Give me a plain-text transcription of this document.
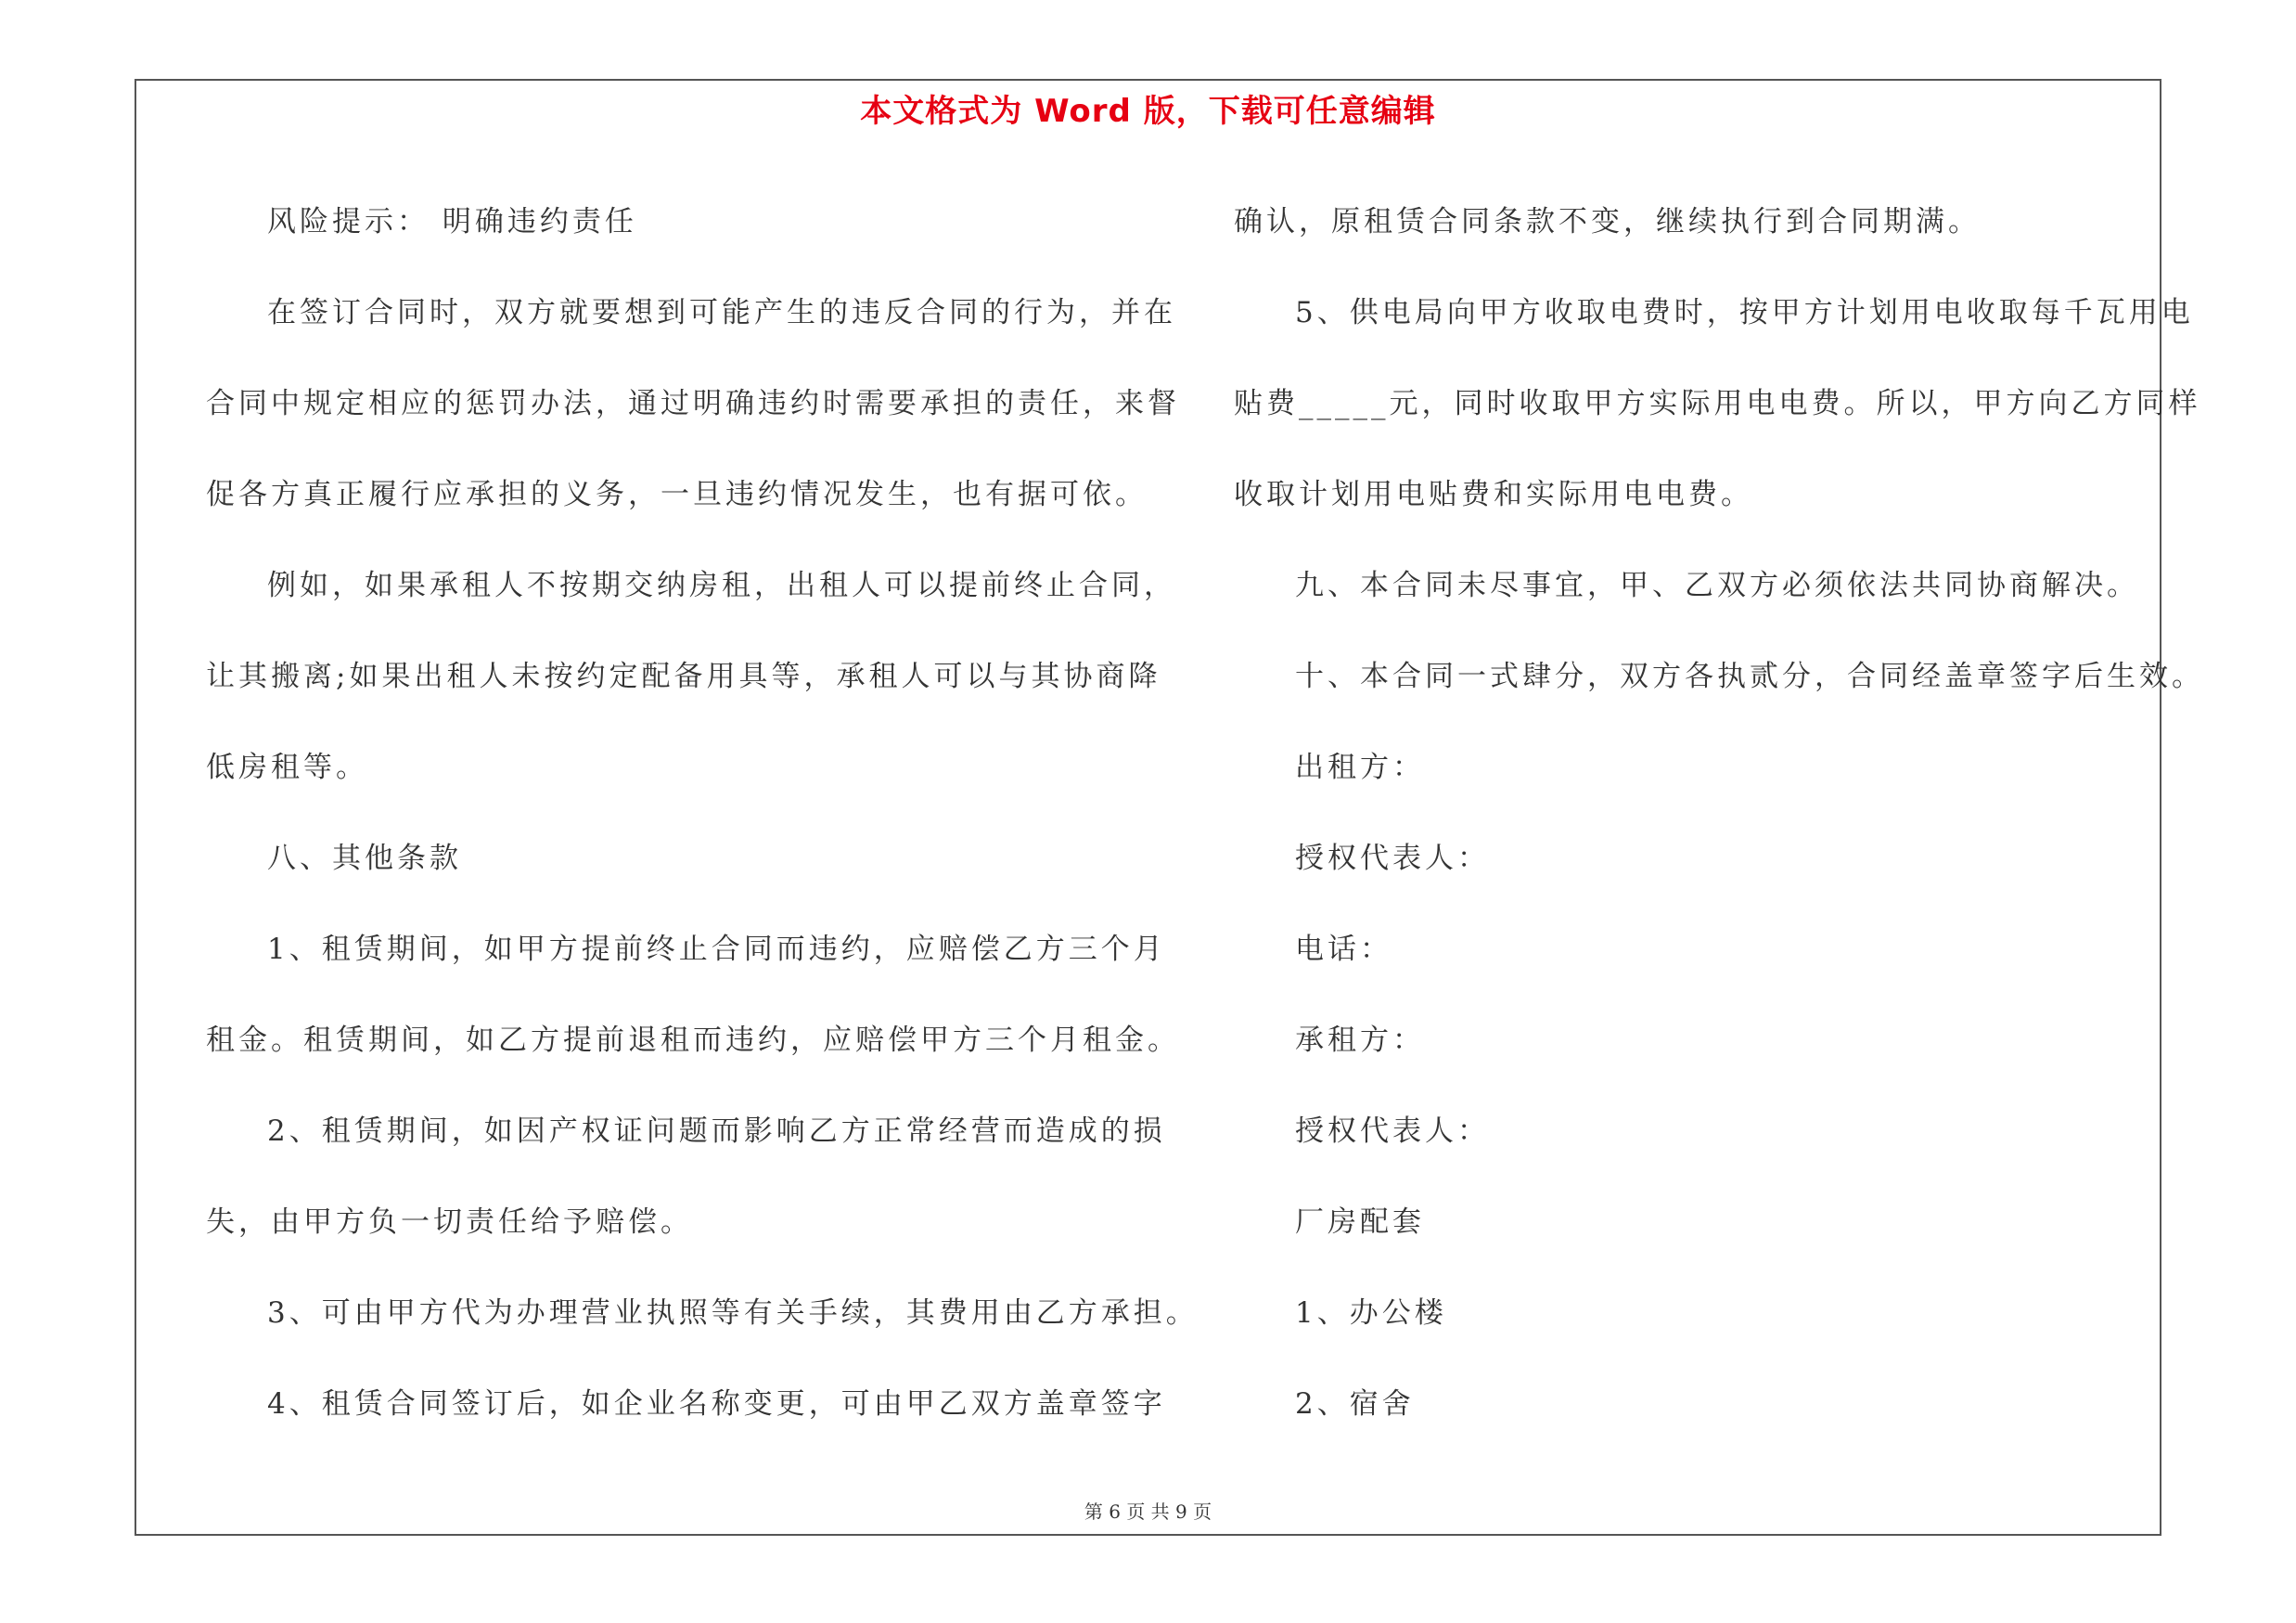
本文格式为 Word 版，下载可任意编辑

风险提示： 明确违约责任

在签订合同时，双方就要想到可能产生的违反合同的行为，并在

合同中规定相应的惩罚办法，通过明确违约时需要承担的责任，来督

促各方真正履行应承担的义务，一旦违约情况发生，也有据可依。

例如，如果承租人不按期交纳房租，出租人可以提前终止合同，

让其搬离;如果出租人未按约定配备用具等，承租人可以与其协商降

低房租等。

八、其他条款

1、租赁期间，如甲方提前终止合同而违约，应赔偿乙方三个月

租金。租赁期间，如乙方提前退租而违约，应赔偿甲方三个月租金。

2、租赁期间，如因产权证问题而影响乙方正常经营而造成的损

失，由甲方负一切责任给予赔偿。

3、可由甲方代为办理营业执照等有关手续，其费用由乙方承担。

4、租赁合同签订后，如企业名称变更，可由甲乙双方盖章签字

确认，原租赁合同条款不变，继续执行到合同期满。

5、供电局向甲方收取电费时，按甲方计划用电收取每千瓦用电

贴费_____元，同时收取甲方实际用电电费。所以，甲方向乙方同样

收取计划用电贴费和实际用电电费。

九、本合同未尽事宜，甲、乙双方必须依法共同协商解决。

十、本合同一式肆分，双方各执贰分，合同经盖章签字后生效。

出租方：

授权代表人：

电话：

承租方：

授权代表人：

厂房配套

1、办公楼

2、宿舍

第 6 页 共 9 页
